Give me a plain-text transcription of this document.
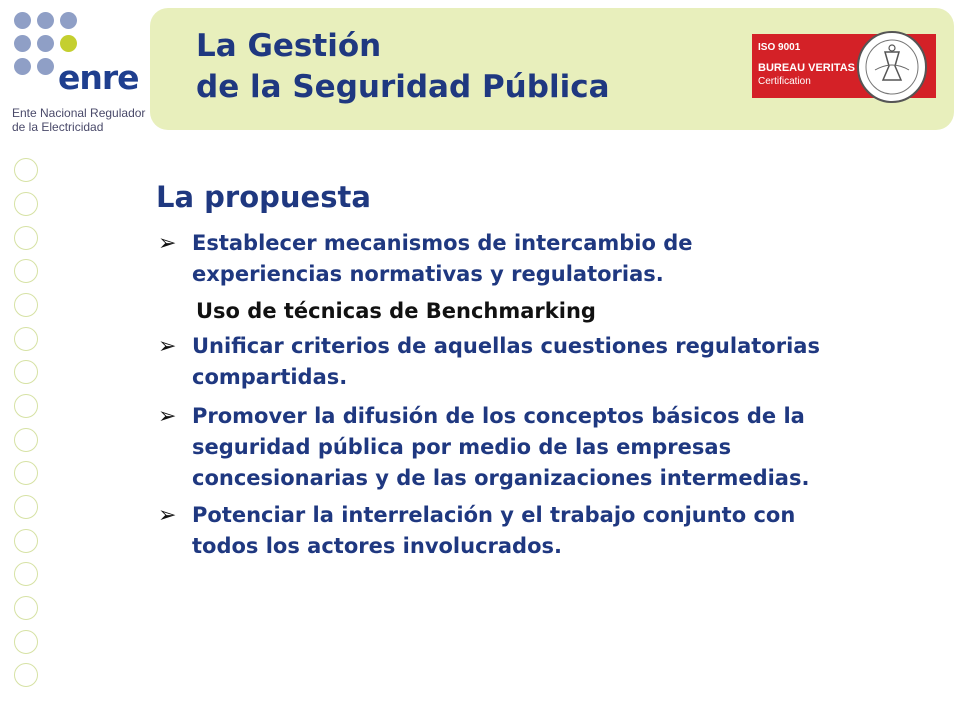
enre
Ente Nacional Regulador
de la Electricidad
La Gestión
de la Seguridad Pública
ISO 9001
BUREAU VERITAS
Certification
La propuesta
➢ Establecer mecanismos de intercambio de
experiencias normativas y regulatorias.
Uso de técnicas de Benchmarking
➢ Unificar criterios de aquellas cuestiones regulatorias
compartidas.
➢ Promover la difusión de los conceptos básicos de la
seguridad pública por medio de las empresas
concesionarias y de las organizaciones intermedias.
➢ Potenciar la interrelación y el trabajo conjunto con
todos los actores involucrados.
